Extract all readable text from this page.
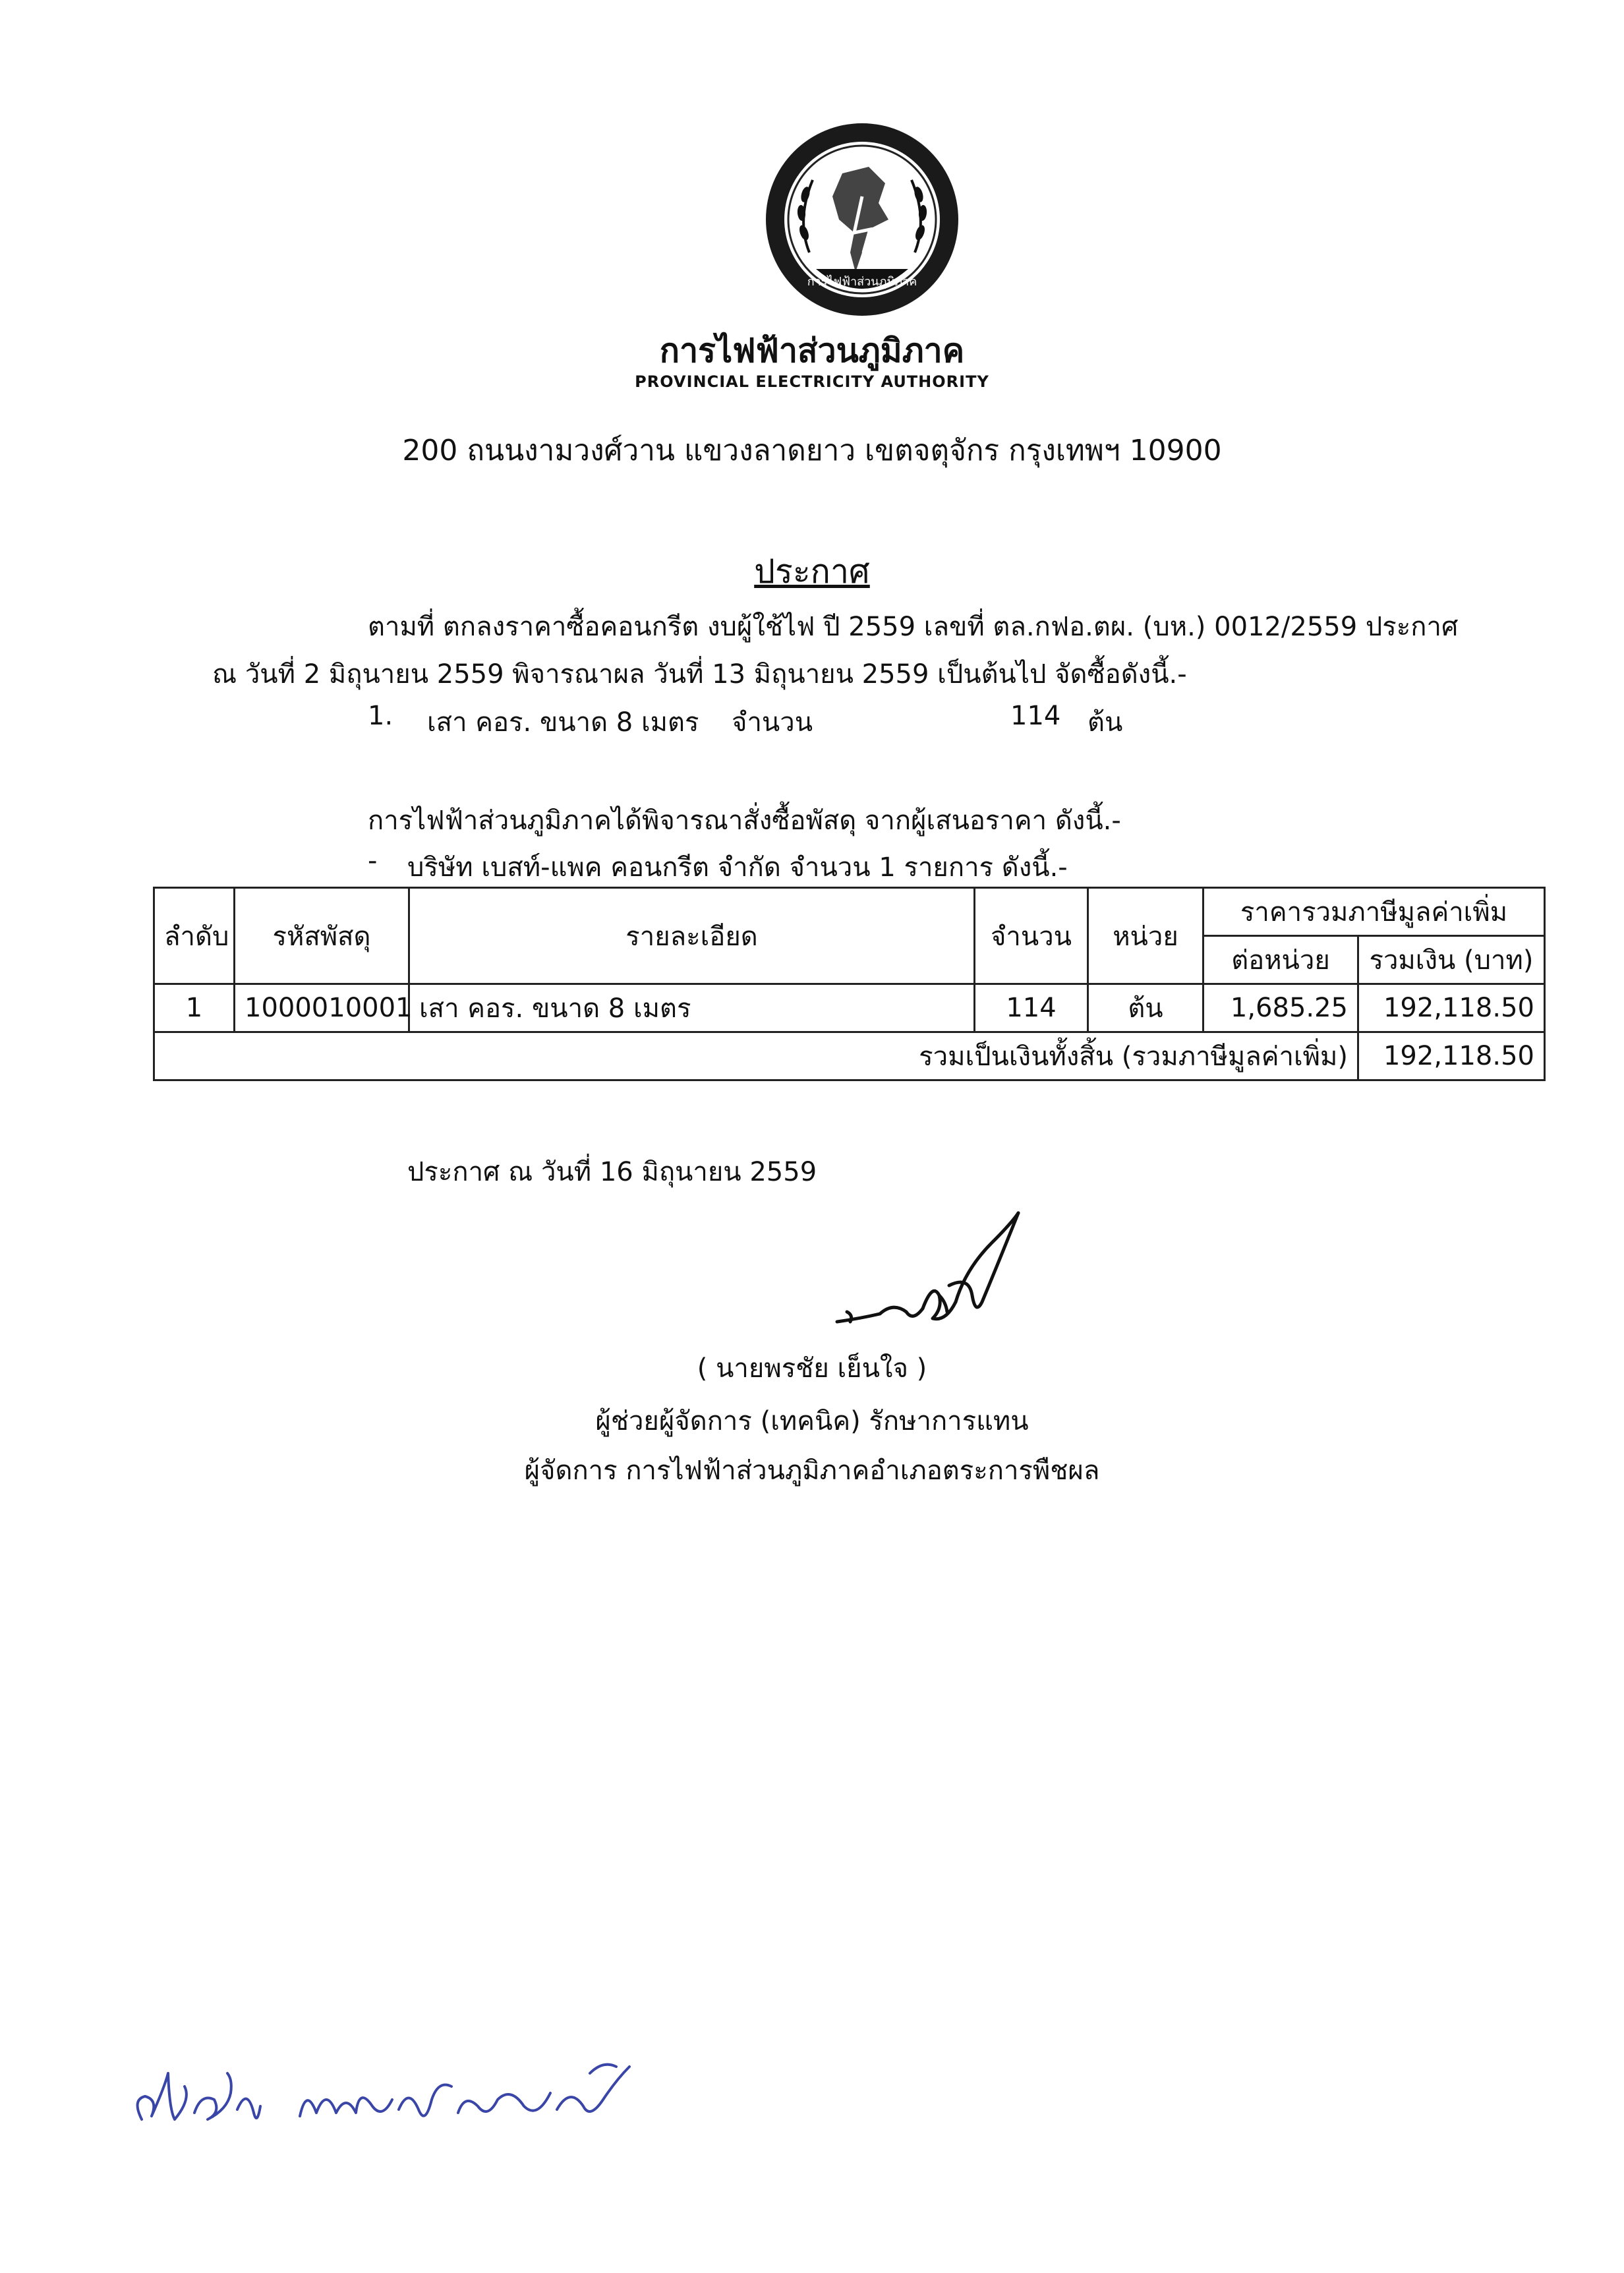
การไฟฟ้าส่วนภูมิภาค
การไฟฟ้าส่วนภูมิภาค
PROVINCIAL ELECTRICITY AUTHORITY
200 ถนนงามวงศ์วาน แขวงลาดยาว เขตจตุจักร กรุงเทพฯ 10900
ประกาศ
ตามที่ ตกลงราคาซื้อคอนกรีต งบผู้ใช้ไฟ ปี 2559 เลขที่ ตล.กฟอ.ตผ. (บห.) 0012/2559 ประกาศ
ณ วันที่ 2 มิถุนายน 2559 พิจารณาผล วันที่ 13 มิถุนายน 2559 เป็นต้นไป จัดซื้อดังนี้.-
1. เสา คอร. ขนาด 8 เมตร จำนวน	114 ต้น
การไฟฟ้าส่วนภูมิภาคได้พิจารณาสั่งซื้อพัสดุ จากผู้เสนอราคา ดังนี้.-
- บริษัท เบสท์-แพค คอนกรีต จำกัด จำนวน 1 รายการ ดังนี้.-
ลำดับ	รหัสพัสดุ	รายละเอียด	จำนวน	หน่วย	ราคารวมภาษีมูลค่าเพิ่ม	
					ต่อหน่วย	รวมเงิน (บาท)
1	1000010001	เสา คอร. ขนาด 8 เมตร	114	ต้น	1,685.25	192,118.50
รวมเป็นเงินทั้งสิ้น (รวมภาษีมูลค่าเพิ่ม)						192,118.50
ประกาศ ณ วันที่ 16 มิถุนายน 2559
( นายพรชัย เย็นใจ )
ผู้ช่วยผู้จัดการ (เทคนิค) รักษาการแทน
ผู้จัดการ การไฟฟ้าส่วนภูมิภาคอำเภอตระการพืชผล
